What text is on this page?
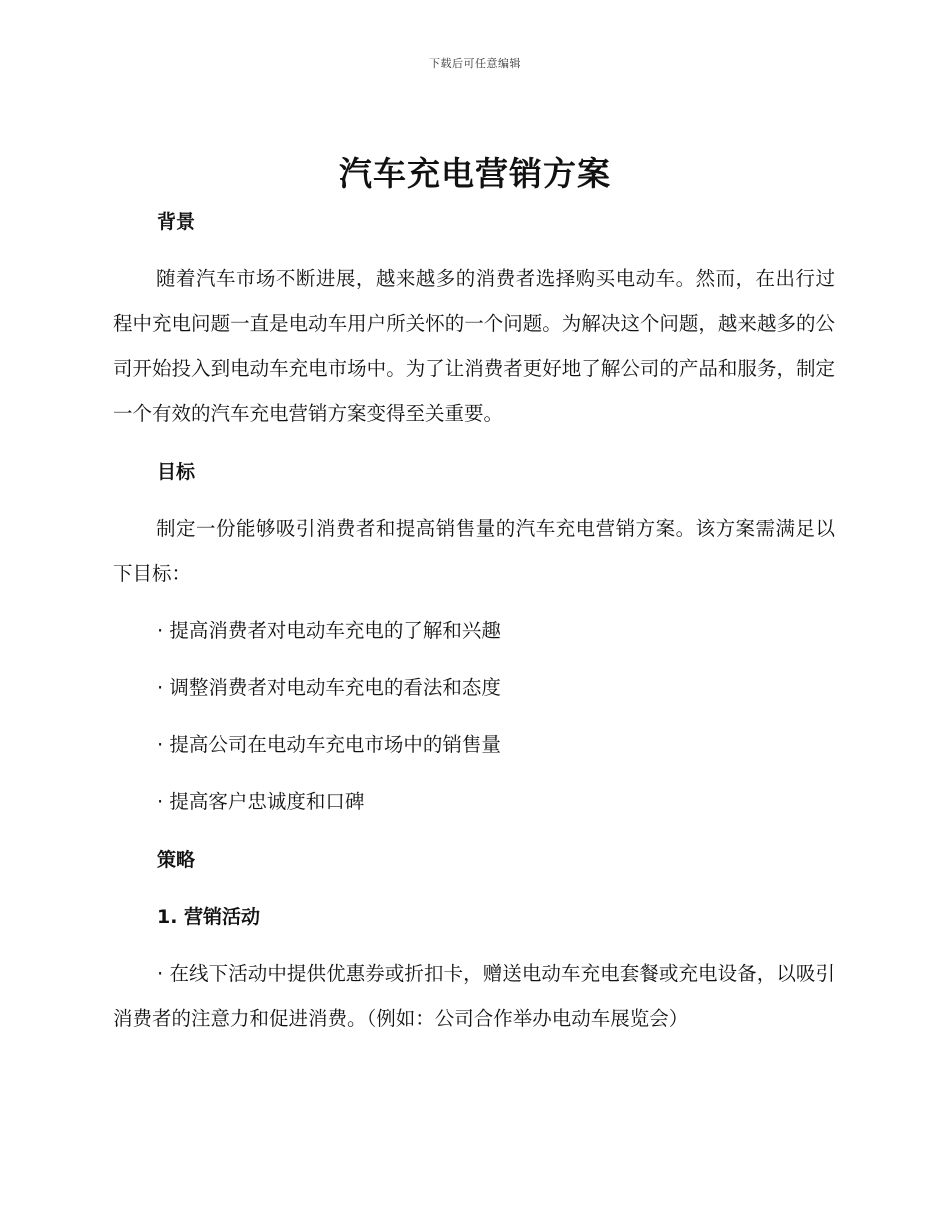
下载后可任意编辑
汽车充电营销方案
背景

随着汽车市场不断进展，越来越多的消费者选择购买电动车。然而，在出行过程中充电问题一直是电动车用户所关怀的一个问题。为解决这个问题，越来越多的公司开始投入到电动车充电市场中。为了让消费者更好地了解公司的产品和服务，制定一个有效的汽车充电营销方案变得至关重要。

目标

制定一份能够吸引消费者和提高销售量的汽车充电营销方案。该方案需满足以下目标：

· 提高消费者对电动车充电的了解和兴趣
· 调整消费者对电动车充电的看法和态度
· 提高公司在电动车充电市场中的销售量
· 提高客户忠诚度和口碑
策略
1. 营销活动

· 在线下活动中提供优惠券或折扣卡，赠送电动车充电套餐或充电设备，以吸引消费者的注意力和促进消费。（例如：公司合作举办电动车展览会）
